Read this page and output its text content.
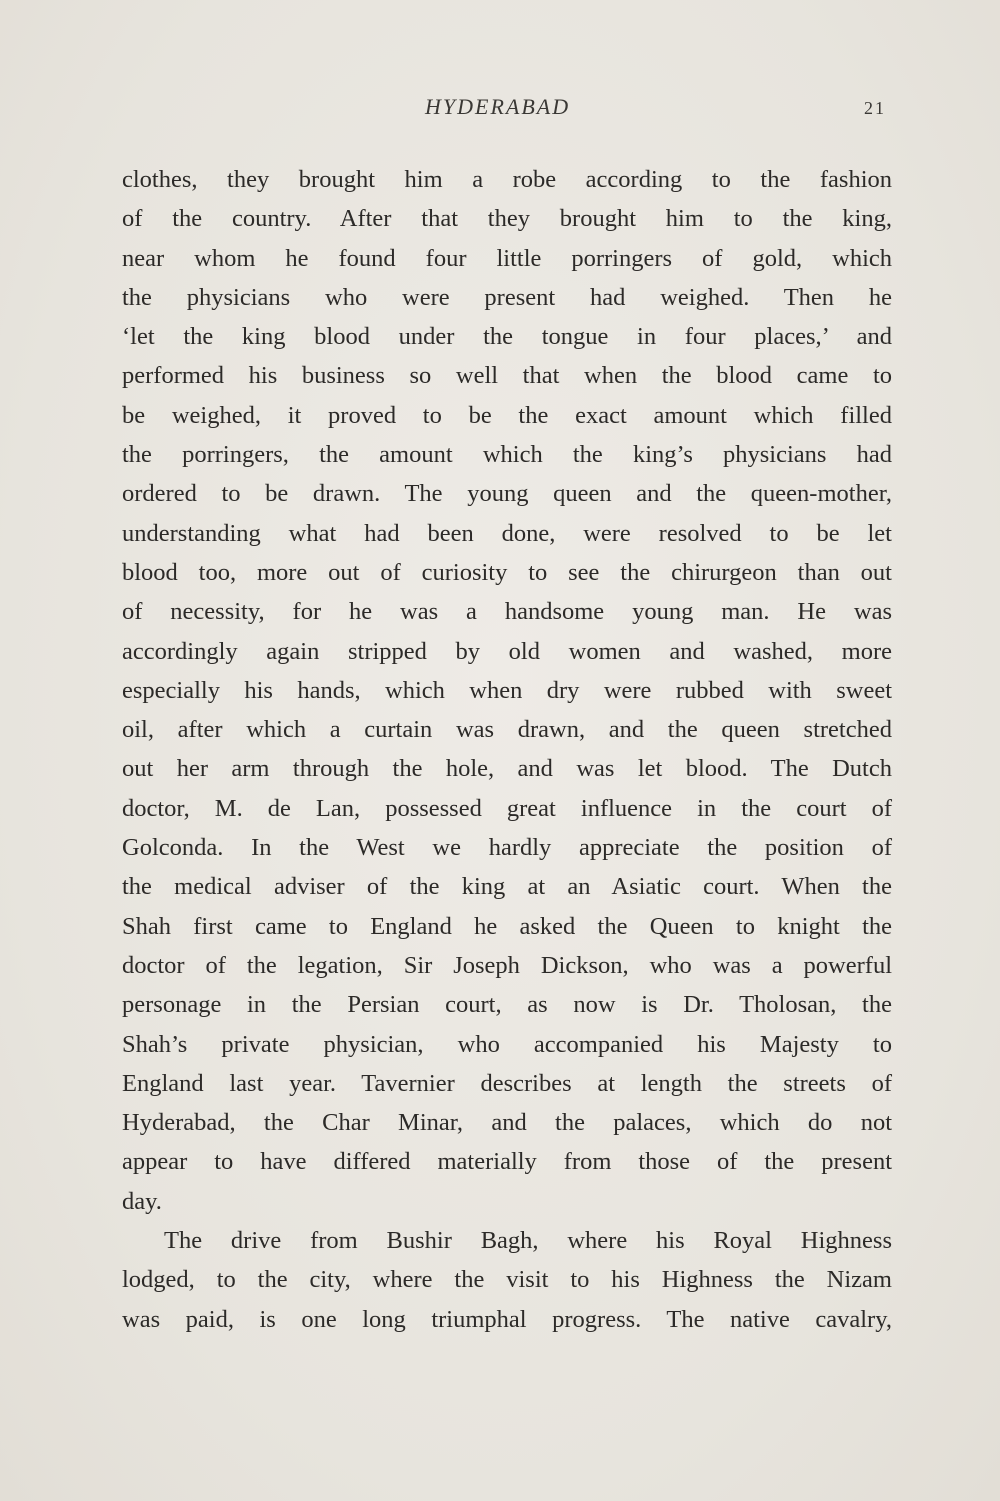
HYDERABAD	21
clothes, they brought him a robe according to the fashion
of the country. After that they brought him to the king,
near whom he found four little porringers of gold, which
the physicians who were present had weighed. Then he
‘let the king blood under the tongue in four places,’ and
performed his business so well that when the blood came to
be weighed, it proved to be the exact amount which filled
the porringers, the amount which the king’s physicians had
ordered to be drawn. The young queen and the queen-mother,
understanding what had been done, were resolved to be let
blood too, more out of curiosity to see the chirurgeon than out
of necessity, for he was a handsome young man. He was
accordingly again stripped by old women and washed, more
especially his hands, which when dry were rubbed with sweet
oil, after which a curtain was drawn, and the queen stretched
out her arm through the hole, and was let blood. The Dutch
doctor, M. de Lan, possessed great influence in the court of
Golconda. In the West we hardly appreciate the position of
the medical adviser of the king at an Asiatic court. When the
Shah first came to England he asked the Queen to knight the
doctor of the legation, Sir Joseph Dickson, who was a powerful
personage in the Persian court, as now is Dr. Tholosan, the
Shah’s private physician, who accompanied his Majesty to
England last year. Tavernier describes at length the streets of
Hyderabad, the Char Minar, and the palaces, which do not
appear to have differed materially from those of the present
day.
The drive from Bushir Bagh, where his Royal Highness
lodged, to the city, where the visit to his Highness the Nizam
was paid, is one long triumphal progress. The native cavalry,
